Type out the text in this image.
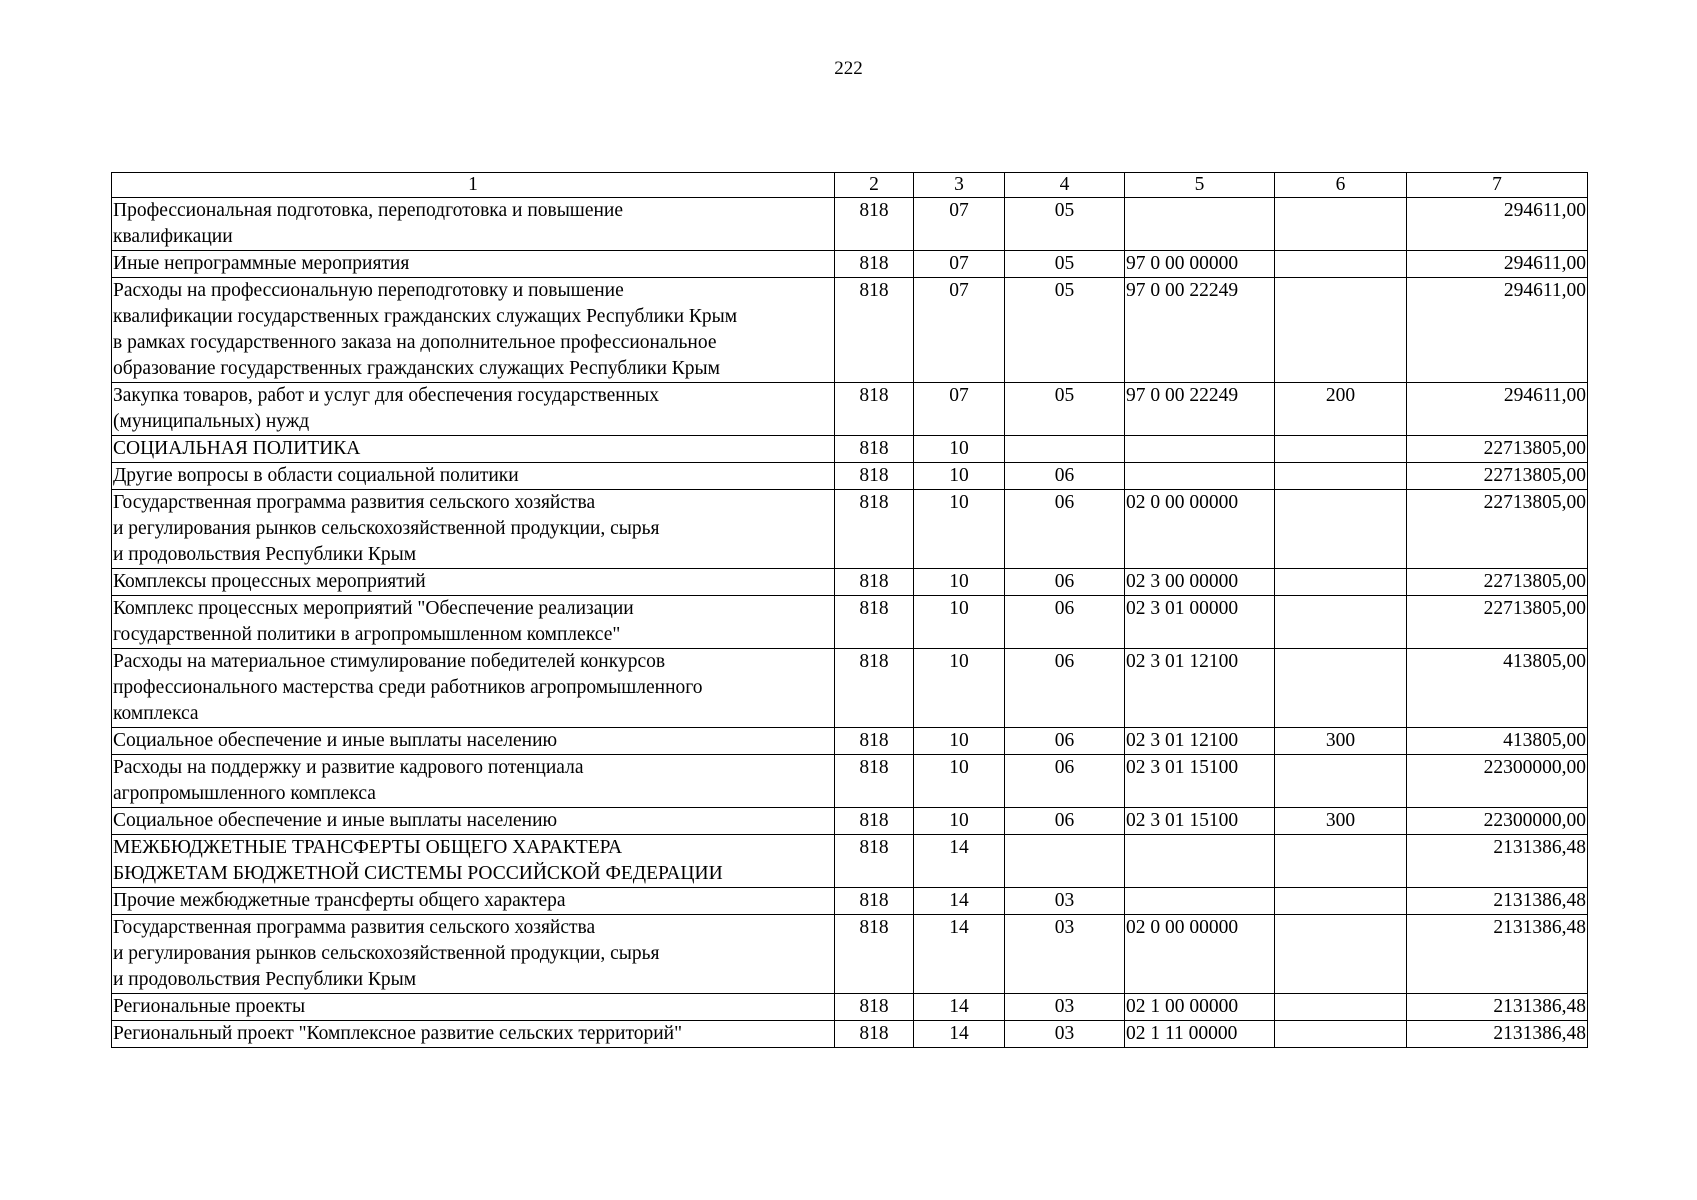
222
1	2	3	4	5	6	7
Профессиональная подготовка, переподготовка и повышение
квалификации	818	07	05			294611,00
Иные непрограммные мероприятия	818	07	05	97 0 00 00000		294611,00
Расходы на профессиональную переподготовку и повышение
квалификации государственных гражданских служащих Республики Крым
в рамках государственного заказа на дополнительное профессиональное
образование государственных гражданских служащих Республики Крым	818	07	05	97 0 00 22249		294611,00
Закупка товаров, работ и услуг для обеспечения государственных
(муниципальных) нужд	818	07	05	97 0 00 22249	200	294611,00
СОЦИАЛЬНАЯ ПОЛИТИКА	818	10				22713805,00
Другие вопросы в области социальной политики	818	10	06			22713805,00
Государственная программа развития сельского хозяйства
и регулирования рынков сельскохозяйственной продукции, сырья
и продовольствия Республики Крым	818	10	06	02 0 00 00000		22713805,00
Комплексы процессных мероприятий	818	10	06	02 3 00 00000		22713805,00
Комплекс процессных мероприятий "Обеспечение реализации
государственной политики в агропромышленном комплексе"	818	10	06	02 3 01 00000		22713805,00
Расходы на материальное стимулирование победителей конкурсов
профессионального мастерства среди работников агропромышленного
комплекса	818	10	06	02 3 01 12100		413805,00
Социальное обеспечение и иные выплаты населению	818	10	06	02 3 01 12100	300	413805,00
Расходы на поддержку и развитие кадрового потенциала
агропромышленного комплекса	818	10	06	02 3 01 15100		22300000,00
Социальное обеспечение и иные выплаты населению	818	10	06	02 3 01 15100	300	22300000,00
МЕЖБЮДЖЕТНЫЕ ТРАНСФЕРТЫ ОБЩЕГО ХАРАКТЕРА
БЮДЖЕТАМ БЮДЖЕТНОЙ СИСТЕМЫ РОССИЙСКОЙ ФЕДЕРАЦИИ	818	14				2131386,48
Прочие межбюджетные трансферты общего характера	818	14	03			2131386,48
Государственная программа развития сельского хозяйства
и регулирования рынков сельскохозяйственной продукции, сырья
и продовольствия Республики Крым	818	14	03	02 0 00 00000		2131386,48
Региональные проекты	818	14	03	02 1 00 00000		2131386,48
Региональный проект "Комплексное развитие сельских территорий"	818	14	03	02 1 11 00000		2131386,48
